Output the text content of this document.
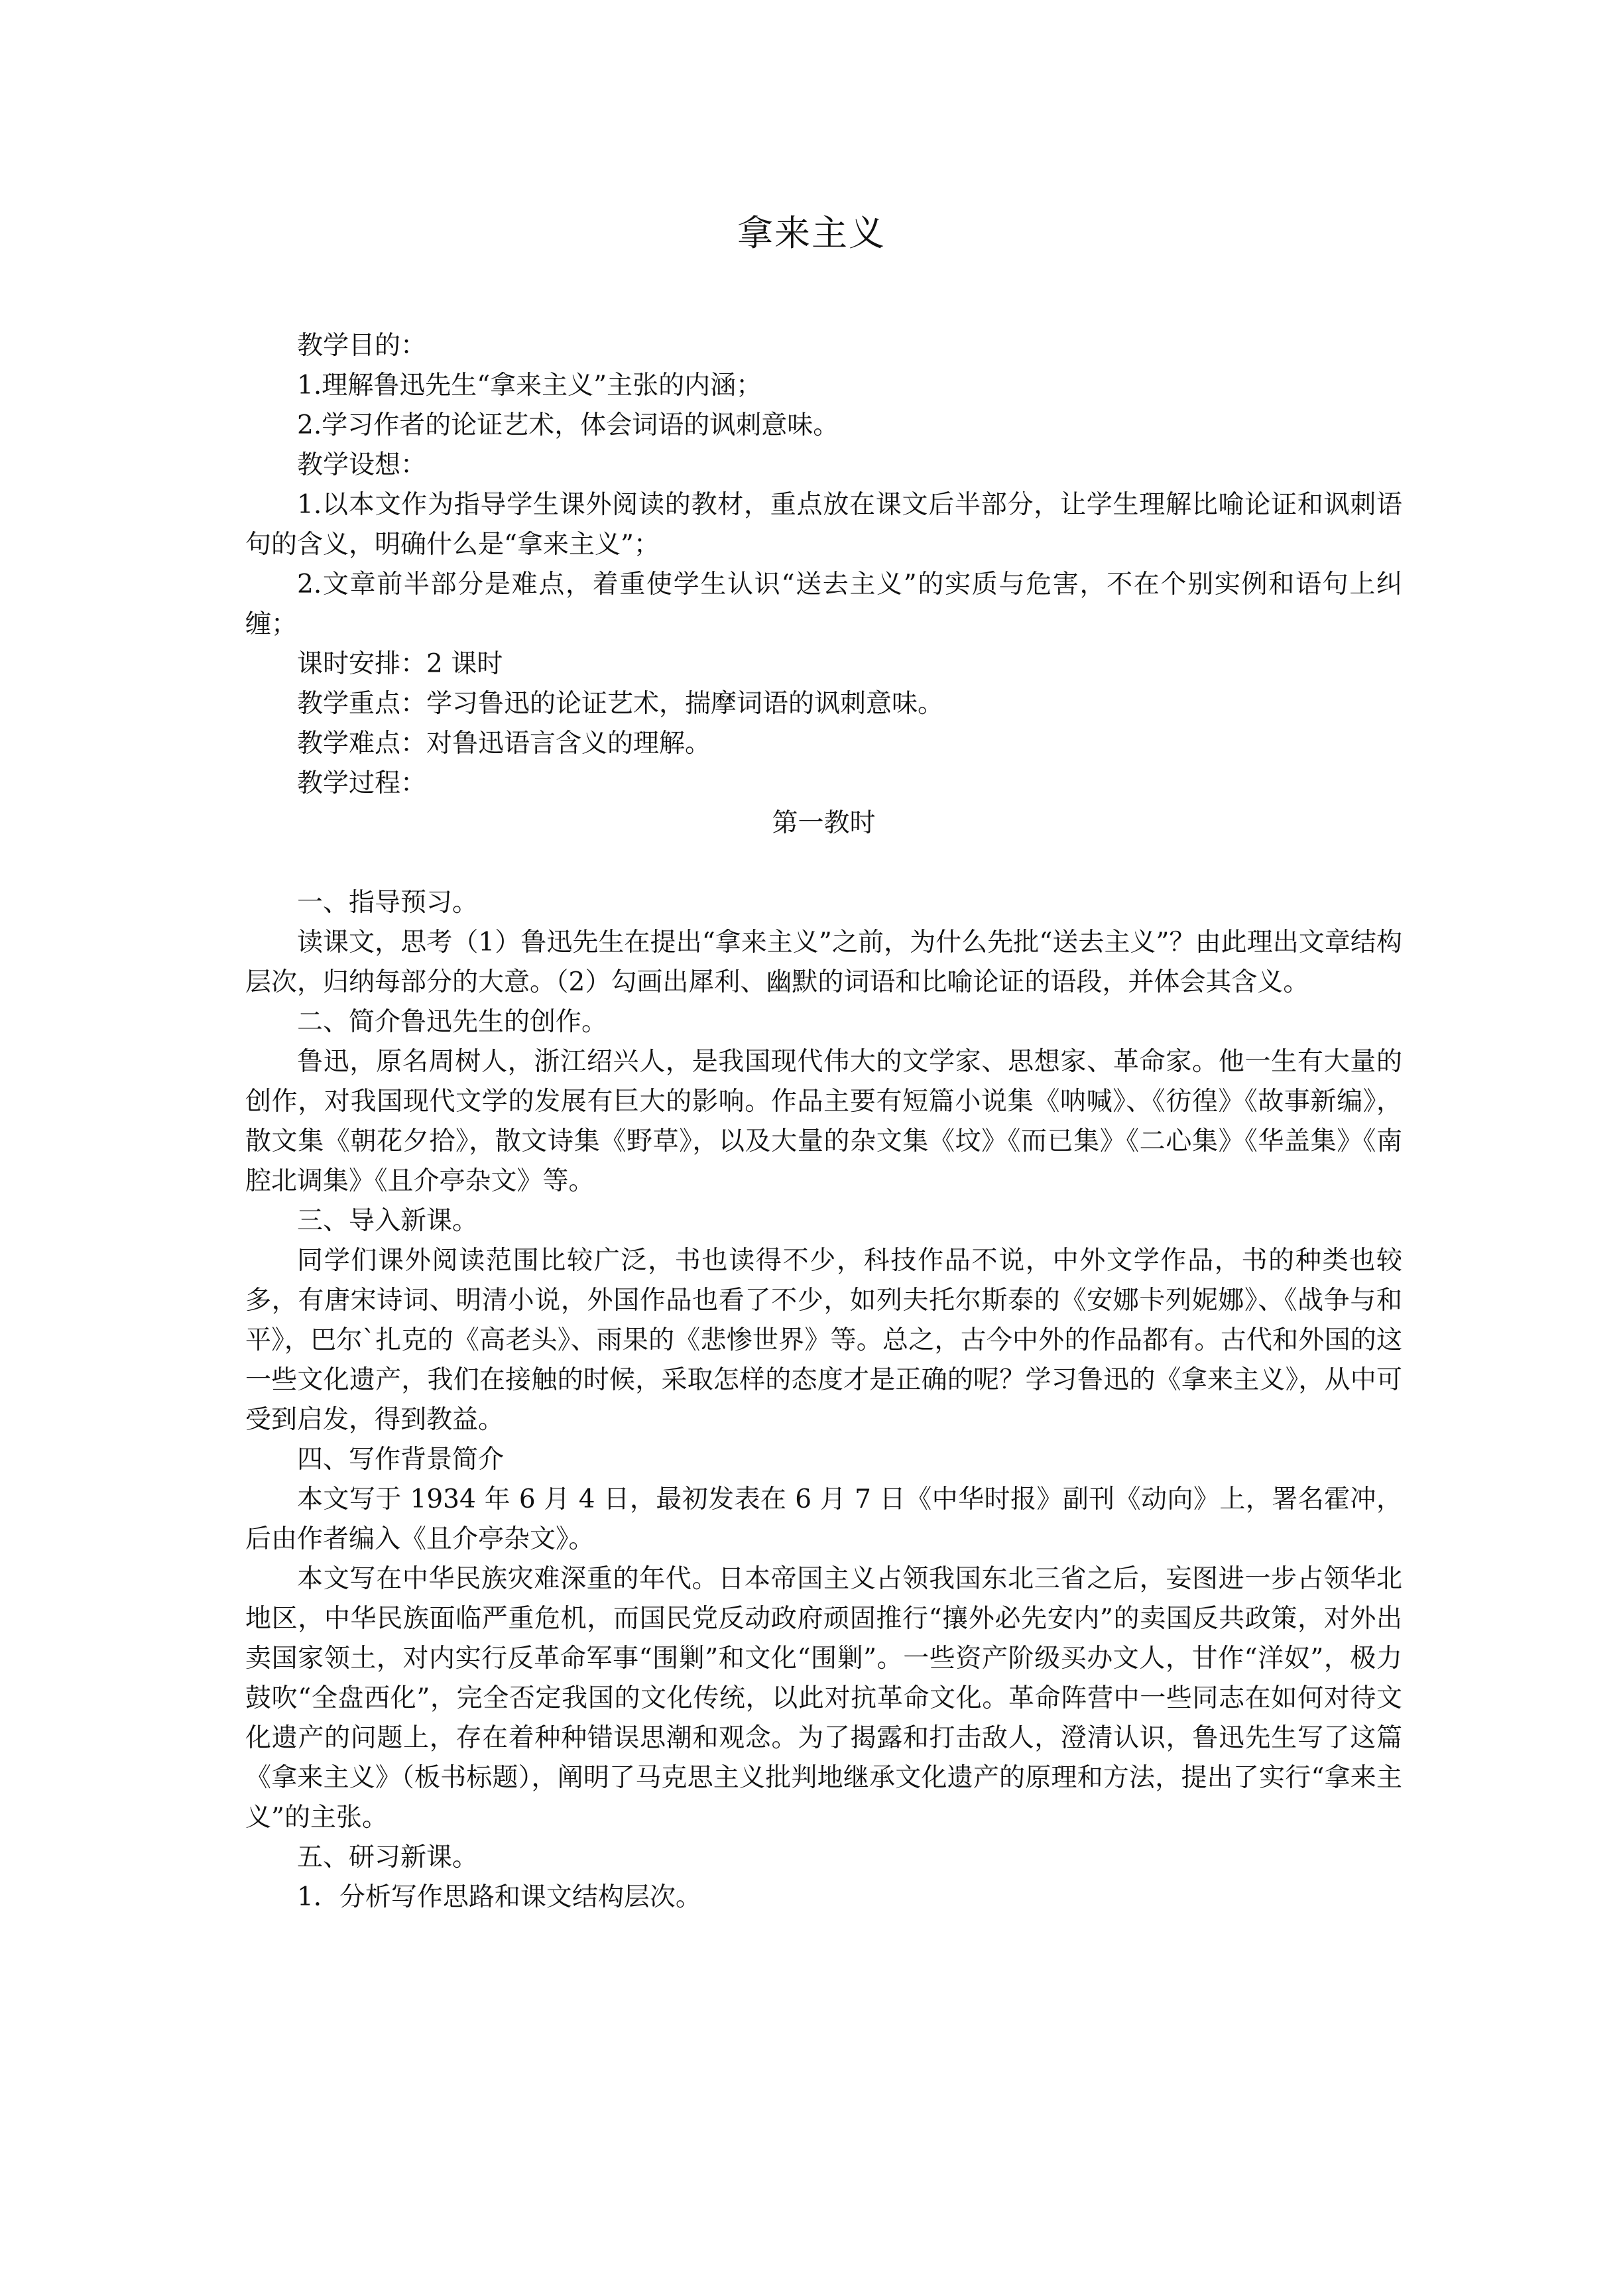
拿来主义

教学目的：

1.理解鲁迅先生“拿来主义”主张的内涵；

2.学习作者的论证艺术，体会词语的讽刺意味。

教学设想：

1.以本文作为指导学生课外阅读的教材，重点放在课文后半部分，让学生理解比喻论证和讽刺语句的含义，明确什么是“拿来主义”；

2.文章前半部分是难点，着重使学生认识“送去主义”的实质与危害，不在个别实例和语句上纠缠；

课时安排：2 课时

教学重点：学习鲁迅的论证艺术，揣摩词语的讽刺意味。

教学难点：对鲁迅语言含义的理解。

教学过程：

第一教时

一、指导预习。

读课文，思考（1）鲁迅先生在提出“拿来主义”之前，为什么先批“送去主义”？由此理出文章结构层次，归纳每部分的大意。（2）勾画出犀利、幽默的词语和比喻论证的语段，并体会其含义。

二、简介鲁迅先生的创作。

鲁迅，原名周树人，浙江绍兴人，是我国现代伟大的文学家、思想家、革命家。他一生有大量的创作，对我国现代文学的发展有巨大的影响。作品主要有短篇小说集《呐喊》、《彷徨》《故事新编》，散文集《朝花夕拾》，散文诗集《野草》，以及大量的杂文集《坟》《而已集》《二心集》《华盖集》《南腔北调集》《且介亭杂文》等。

三、导入新课。

同学们课外阅读范围比较广泛，书也读得不少，科技作品不说，中外文学作品，书的种类也较多，有唐宋诗词、明清小说，外国作品也看了不少，如列夫托尔斯泰的《安娜卡列妮娜》、《战争与和平》，巴尔`扎克的《高老头》、雨果的《悲惨世界》等。总之，古今中外的作品都有。古代和外国的这一些文化遗产，我们在接触的时候，采取怎样的态度才是正确的呢？学习鲁迅的《拿来主义》，从中可受到启发，得到教益。

四、写作背景简介

本文写于 1934 年 6 月 4 日，最初发表在 6 月 7 日《中华时报》副刊《动向》上，署名霍冲，后由作者编入《且介亭杂文》。

本文写在中华民族灾难深重的年代。日本帝国主义占领我国东北三省之后，妄图进一步占领华北地区，中华民族面临严重危机，而国民党反动政府顽固推行“攘外必先安内”的卖国反共政策，对外出卖国家领土，对内实行反革命军事“围剿”和文化“围剿”。一些资产阶级买办文人，甘作“洋奴”，极力鼓吹“全盘西化”，完全否定我国的文化传统，以此对抗革命文化。革命阵营中一些同志在如何对待文化遗产的问题上，存在着种种错误思潮和观念。为了揭露和打击敌人，澄清认识，鲁迅先生写了这篇《拿来主义》（板书标题），阐明了马克思主义批判地继承文化遗产的原理和方法，提出了实行“拿来主义”的主张。

五、研习新课。

1．分析写作思路和课文结构层次。
